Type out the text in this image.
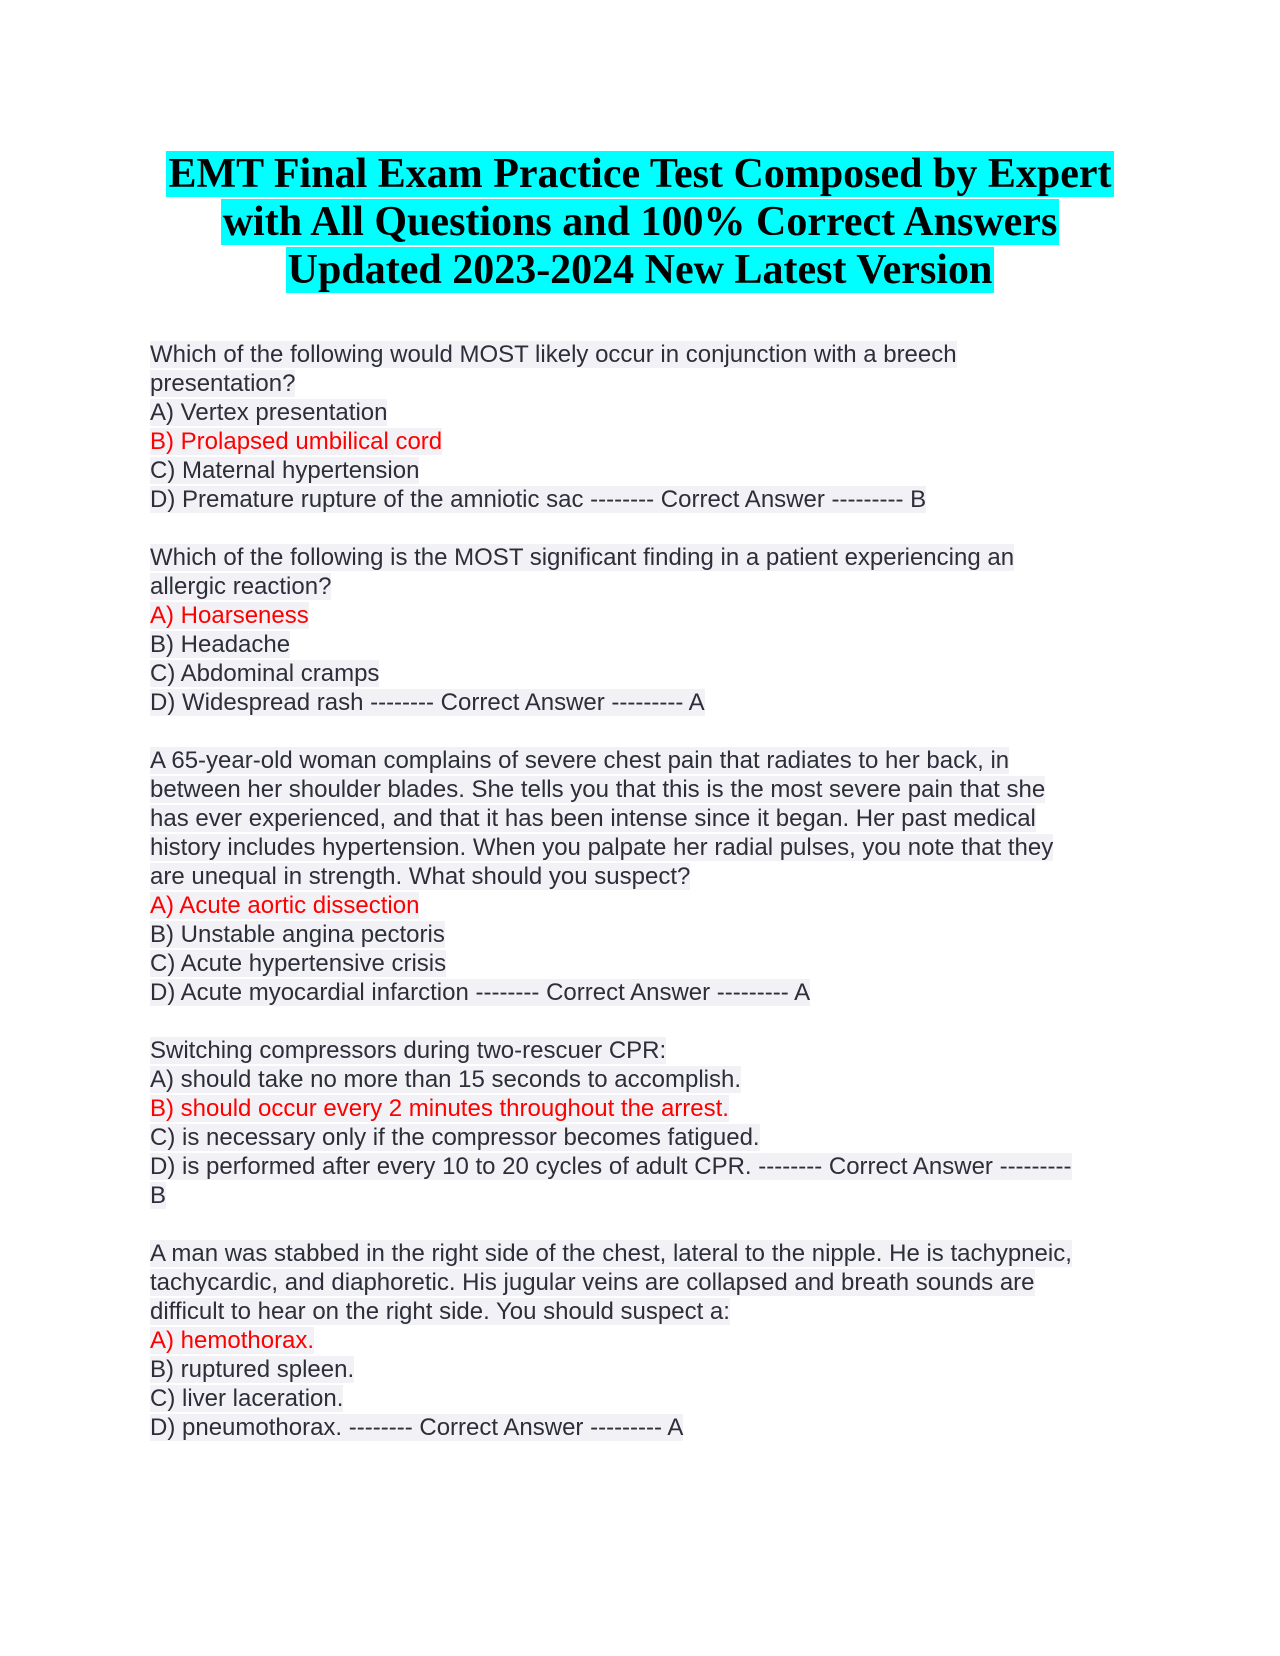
EMT Final Exam Practice Test Composed by Expert
with All Questions and 100% Correct Answers
Updated 2023-2024 New Latest Version
Which of the following would MOST likely occur in conjunction with a breech
presentation?
A) Vertex presentation
B) Prolapsed umbilical cord
C) Maternal hypertension
D) Premature rupture of the amniotic sac -------- Correct Answer --------- B
Which of the following is the MOST significant finding in a patient experiencing an
allergic reaction?
A) Hoarseness
B) Headache
C) Abdominal cramps
D) Widespread rash -------- Correct Answer --------- A
A 65-year-old woman complains of severe chest pain that radiates to her back, in
between her shoulder blades. She tells you that this is the most severe pain that she
has ever experienced, and that it has been intense since it began. Her past medical
history includes hypertension. When you palpate her radial pulses, you note that they
are unequal in strength. What should you suspect?
A) Acute aortic dissection
B) Unstable angina pectoris
C) Acute hypertensive crisis
D) Acute myocardial infarction -------- Correct Answer --------- A
Switching compressors during two-rescuer CPR:
A) should take no more than 15 seconds to accomplish.
B) should occur every 2 minutes throughout the arrest.
C) is necessary only if the compressor becomes fatigued.
D) is performed after every 10 to 20 cycles of adult CPR. -------- Correct Answer ---------
B
A man was stabbed in the right side of the chest, lateral to the nipple. He is tachypneic,
tachycardic, and diaphoretic. His jugular veins are collapsed and breath sounds are
difficult to hear on the right side. You should suspect a:
A) hemothorax.
B) ruptured spleen.
C) liver laceration.
D) pneumothorax. -------- Correct Answer --------- A
